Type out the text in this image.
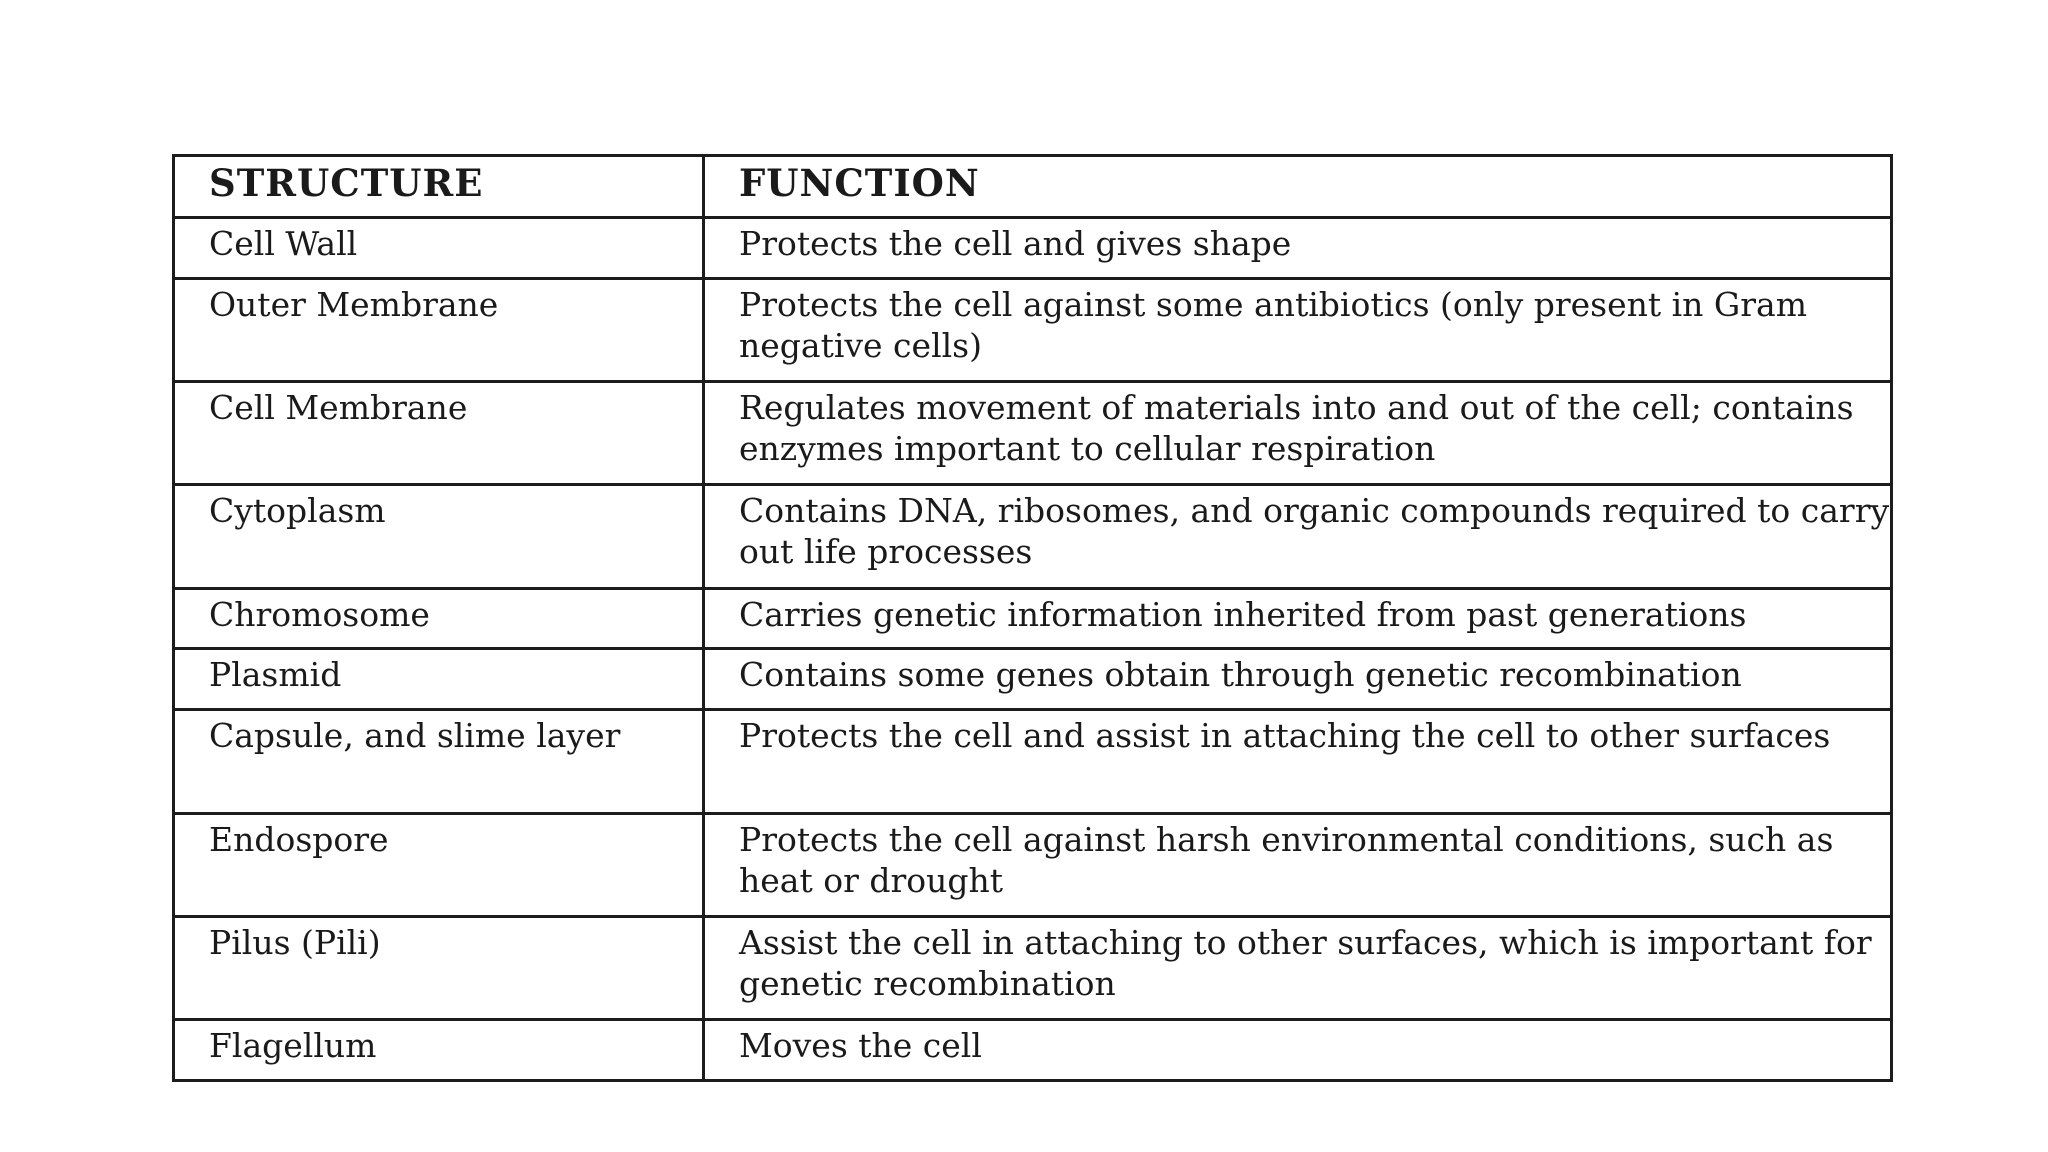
STRUCTURE	FUNCTION
Cell Wall	Protects the cell and gives shape
Outer Membrane	Protects the cell against some antibiotics (only present in Gram negative cells)
Cell Membrane	Regulates movement of materials into and out of the cell; contains enzymes important to cellular respiration
Cytoplasm	Contains DNA, ribosomes, and organic compounds required to carry out life processes
Chromosome	Carries genetic information inherited from past generations
Plasmid	Contains some genes obtain through genetic recombination
Capsule, and slime layer	Protects the cell and assist in attaching the cell to other surfaces
Endospore	Protects the cell against harsh environmental conditions, such as heat or drought
Pilus (Pili)	Assist the cell in attaching to other surfaces, which is important for genetic recombination
Flagellum	Moves the cell
